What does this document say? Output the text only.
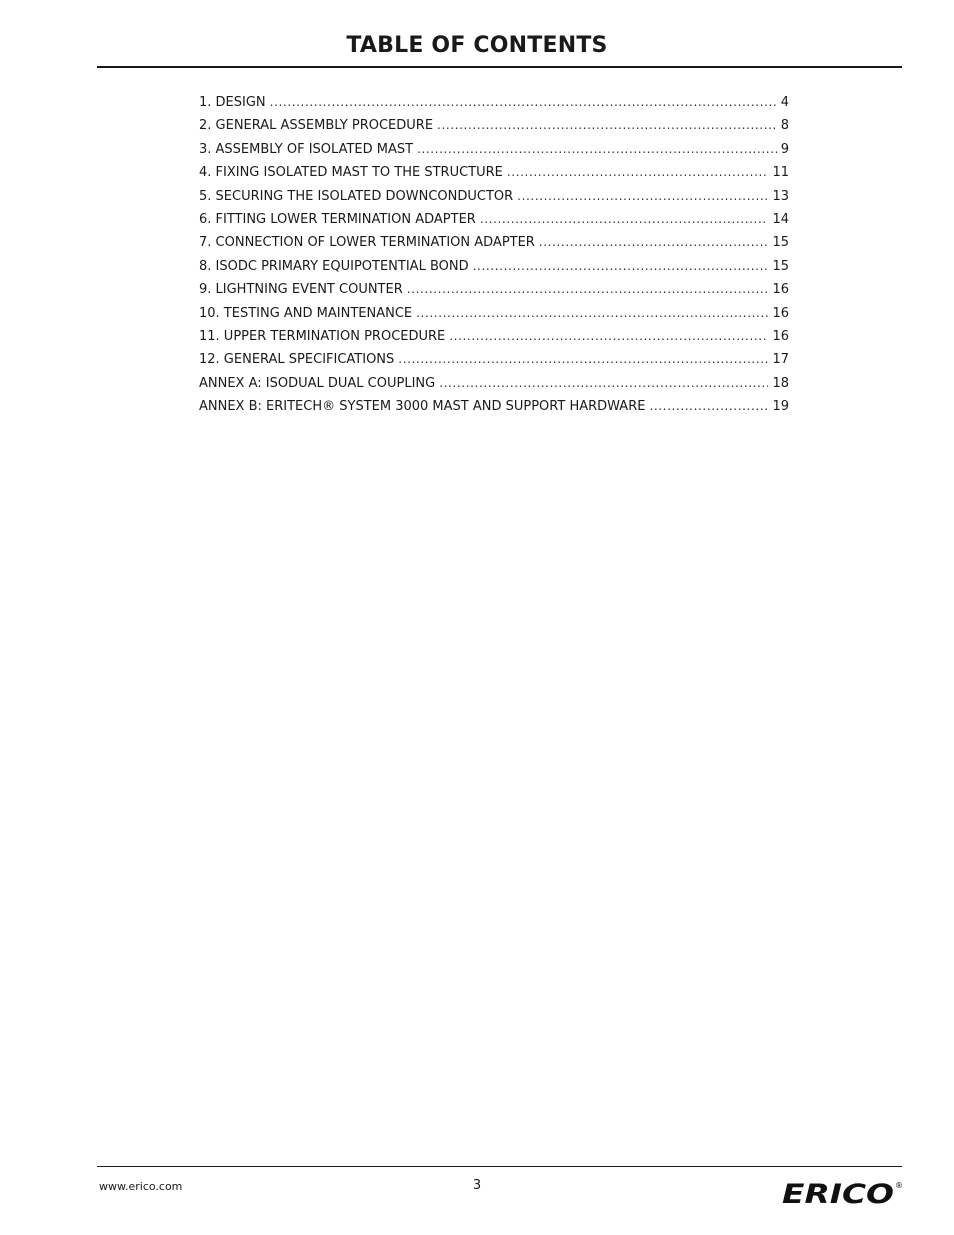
TABLE OF CONTENTS
1. DESIGN .....	4
2. GENERAL ASSEMBLY PROCEDURE .....	8
3. ASSEMBLY OF ISOLATED MAST .....	9
4. FIXING ISOLATED MAST TO THE STRUCTURE .....	11
5. SECURING THE ISOLATED DOWNCONDUCTOR .....	13
6. FITTING LOWER TERMINATION ADAPTER .....	14
7. CONNECTION OF LOWER TERMINATION ADAPTER .....	15
8. ISODC PRIMARY EQUIPOTENTIAL BOND .....	15
9. LIGHTNING EVENT COUNTER .....	16
10. TESTING AND MAINTENANCE .....	16
11. UPPER TERMINATION PROCEDURE .....	16
12. GENERAL SPECIFICATIONS .....	17
ANNEX A: ISODUAL DUAL COUPLING .....	18
ANNEX B: ERITECH® SYSTEM 3000 MAST AND SUPPORT HARDWARE .....	19
www.erico.com	3	ERICO ®
